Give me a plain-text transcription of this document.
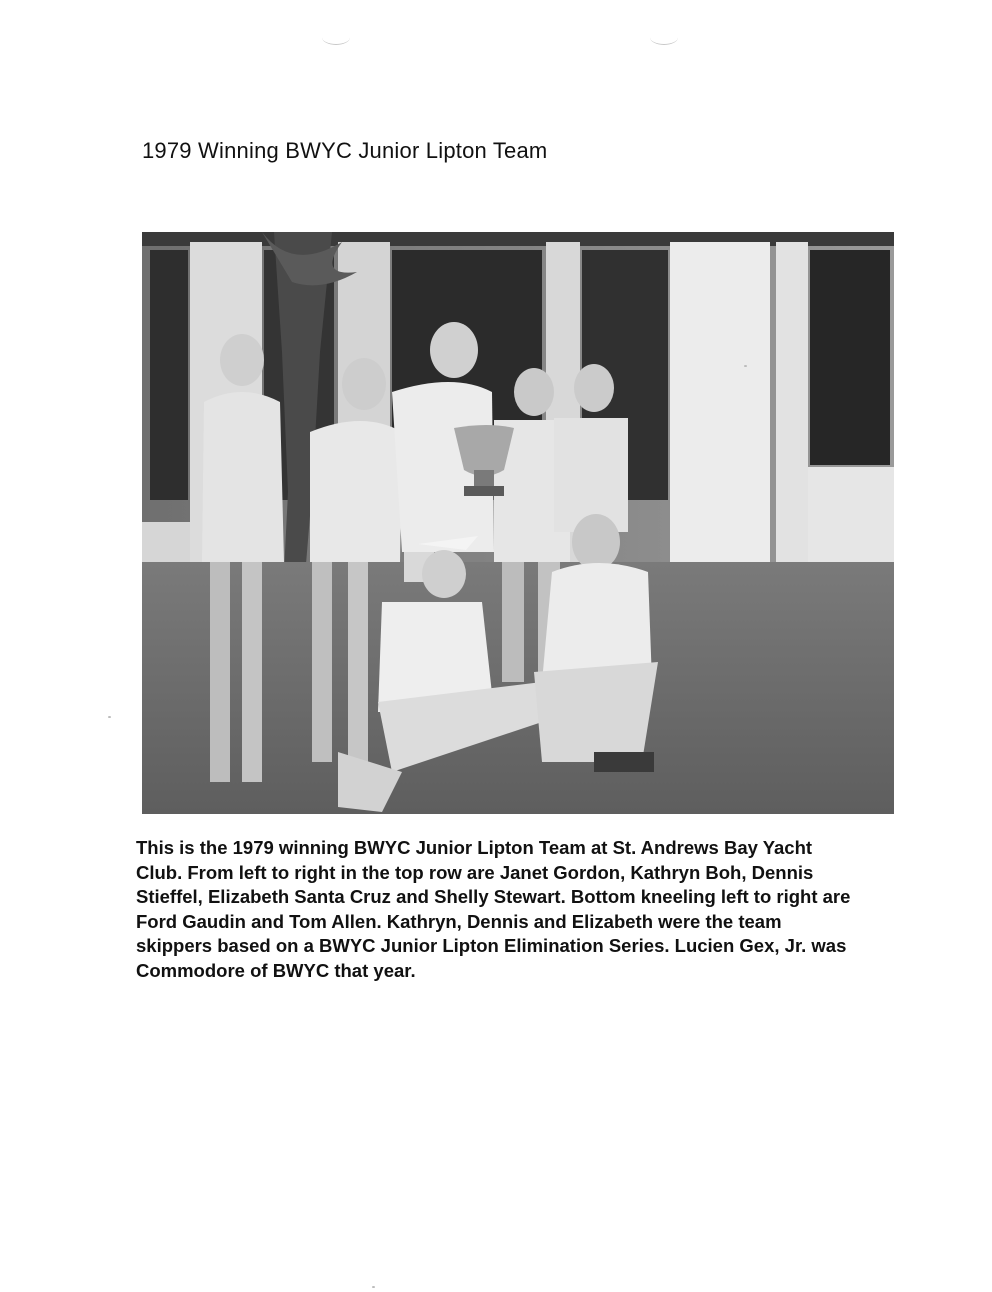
1979 Winning BWYC Junior Lipton Team

This is the 1979 winning BWYC Junior Lipton Team at St. Andrews Bay Yacht Club. From left to right in the top row are Janet Gordon, Kathryn Boh, Dennis Stieffel, Elizabeth Santa Cruz and Shelly Stewart. Bottom kneeling left to right are Ford Gaudin and Tom Allen. Kathryn, Dennis and Elizabeth were the team skippers based on a BWYC Junior Lipton Elimination Series. Lucien Gex, Jr. was Commodore of BWYC that year.
